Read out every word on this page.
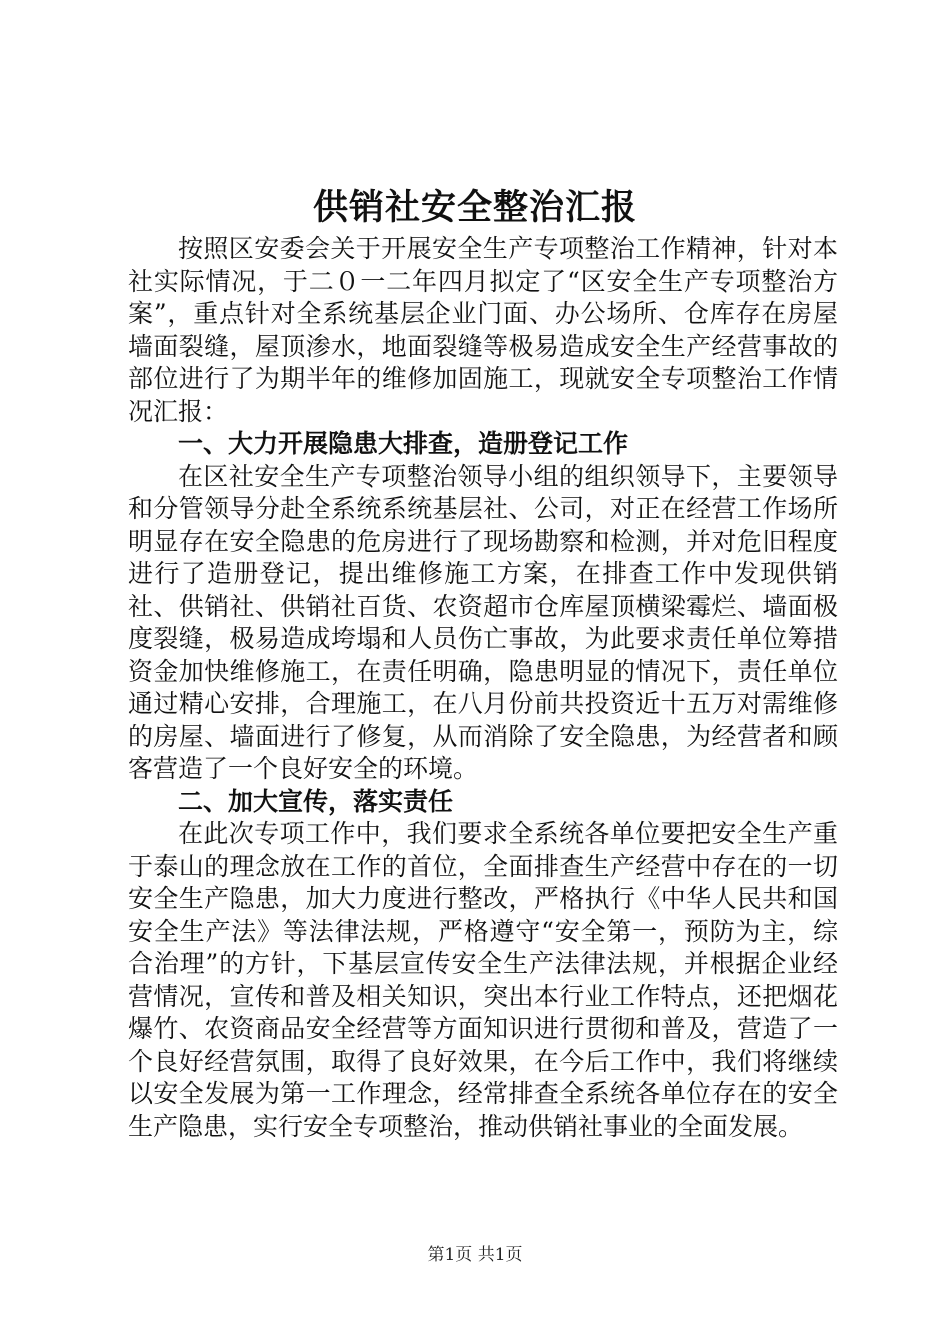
供销社安全整治汇报

按照区安委会关于开展安全生产专项整治工作精神，针对本社实际情况，于二０一二年四月拟定了“区安全生产专项整治方案”，重点针对全系统基层企业门面、办公场所、仓库存在房屋墙面裂缝，屋顶渗水，地面裂缝等极易造成安全生产经营事故的部位进行了为期半年的维修加固施工，现就安全专项整治工作情况汇报：

一、大力开展隐患大排查，造册登记工作

在区社安全生产专项整治领导小组的组织领导下，主要领导和分管领导分赴全系统系统基层社、公司，对正在经营工作场所明显存在安全隐患的危房进行了现场勘察和检测，并对危旧程度进行了造册登记，提出维修施工方案，在排查工作中发现供销社、供销社、供销社百货、农资超市仓库屋顶横梁霉烂、墙面极度裂缝，极易造成垮塌和人员伤亡事故，为此要求责任单位筹措资金加快维修施工，在责任明确，隐患明显的情况下，责任单位通过精心安排，合理施工，在八月份前共投资近十五万对需维修的房屋、墙面进行了修复，从而消除了安全隐患，为经营者和顾客营造了一个良好安全的环境。

二、加大宣传，落实责任

在此次专项工作中，我们要求全系统各单位要把安全生产重于泰山的理念放在工作的首位，全面排查生产经营中存在的一切安全生产隐患，加大力度进行整改，严格执行《中华人民共和国安全生产法》等法律法规，严格遵守“安全第一，预防为主，综合治理”的方针，下基层宣传安全生产法律法规，并根据企业经营情况，宣传和普及相关知识，突出本行业工作特点，还把烟花爆竹、农资商品安全经营等方面知识进行贯彻和普及，营造了一个良好经营氛围，取得了良好效果，在今后工作中，我们将继续以安全发展为第一工作理念，经常排查全系统各单位存在的安全生产隐患，实行安全专项整治，推动供销社事业的全面发展。

第1页 共1页
